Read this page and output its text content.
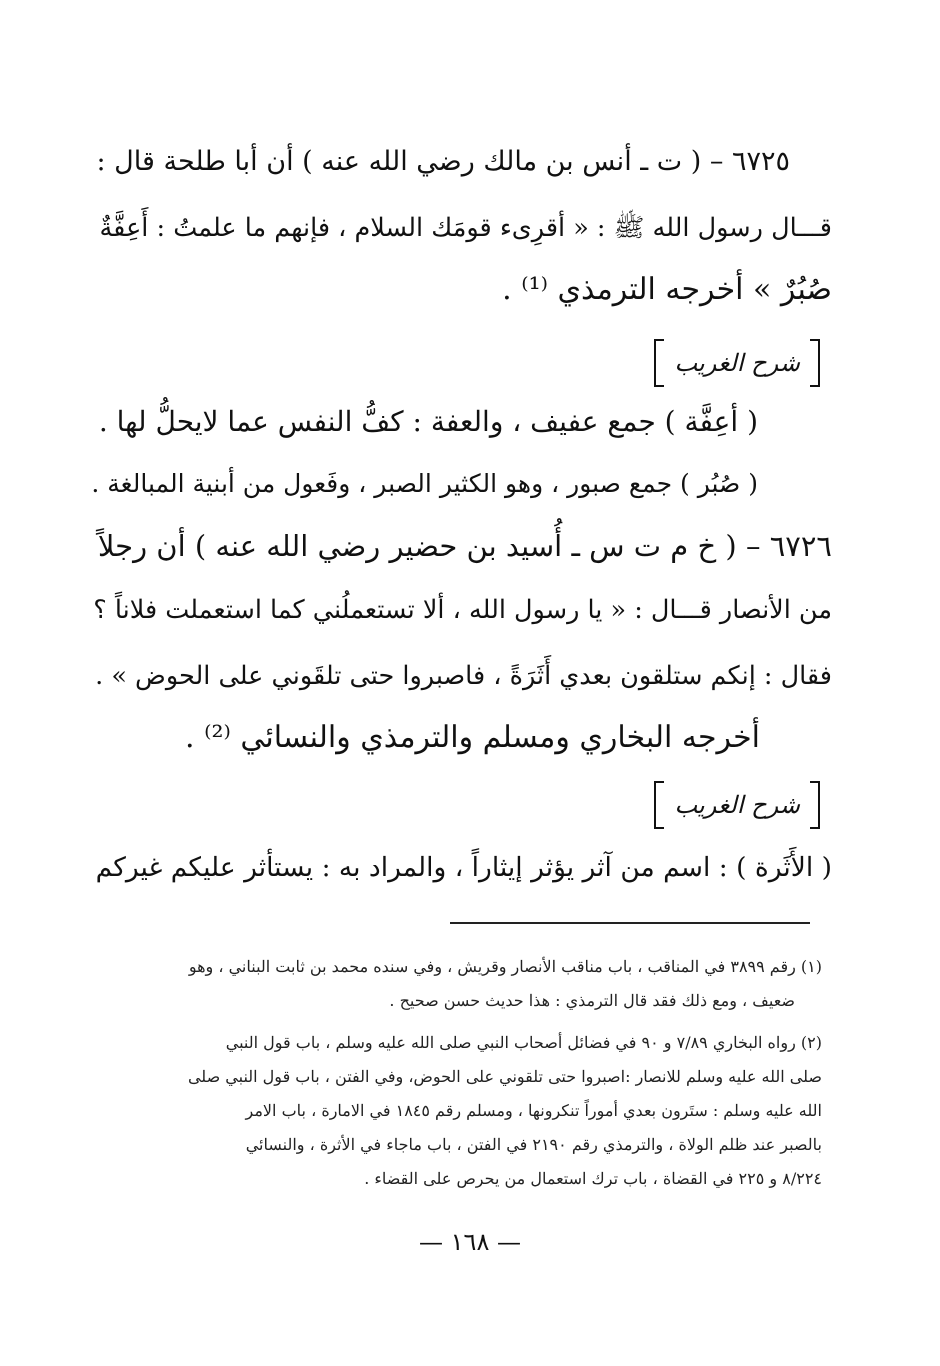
٦٧٢٥ – ( ت ـ أنس بن مالك رضي الله عنه ) أن أبا طلحة قال :
قـــال رسول الله ﷺ : « أقرِىء قومَك السلام ، فإنهم ما علمتُ : أَعِفَّةٌ
صُبُرٌ » أخرجه الترمذي ⁽¹⁾ .
شرح الغريب
( أعِفَّة ) جمع عفيف ، والعفة : كفُّ النفس عما لايحلُّ لها .
( صُبُر ) جمع صبور ، وهو الكثير الصبر ، وفَعول من أبنية المبالغة .
٦٧٢٦ – ( خ م ت س ـ أُسيد بن حضير رضي الله عنه ) أن رجلاً
من الأنصار قـــال : « يا رسول الله ، ألا تستعملُني كما استعملت فلاناً ؟
فقال : إنكم ستلقون بعدي أَثَرَةً ، فاصبروا حتى تلقَوني على الحوض » .
أخرجه البخاري ومسلم والترمذي والنسائي ⁽²⁾ .
شرح الغريب
( الأَثَرة ) : اسم من آثر يؤثر إيثاراً ، والمراد به : يستأثر عليكم غيركم
(١) رقم ٣٨٩٩ في المناقب ، باب مناقب الأنصار وقريش ، وفي سنده محمد بن ثابت البناني ، وهو
ضعيف ، ومع ذلك فقد قال الترمذي : هذا حديث حسن صحيح .
(٢) رواه البخاري ٧/٨٩ و ٩٠ في فضائل أصحاب النبي صلى الله عليه وسلم ، باب قول النبي
صلى الله عليه وسلم للانصار :اصبروا حتى تلقوني على الحوض، وفي الفتن ، باب قول النبي صلى
الله عليه وسلم : ستَرون بعدي أموراً تنكرونها ، ومسلم رقم ١٨٤٥ في الامارة ، باب الامر
بالصبر عند ظلم الولاة ، والترمذي رقم ٢١٩٠ في الفتن ، باب ماجاء في الأثرة ، والنسائي
٨/٢٢٤ و ٢٢٥ في القضاة ، باب ترك استعمال من يحرص على القضاء .
— ١٦٨ —
